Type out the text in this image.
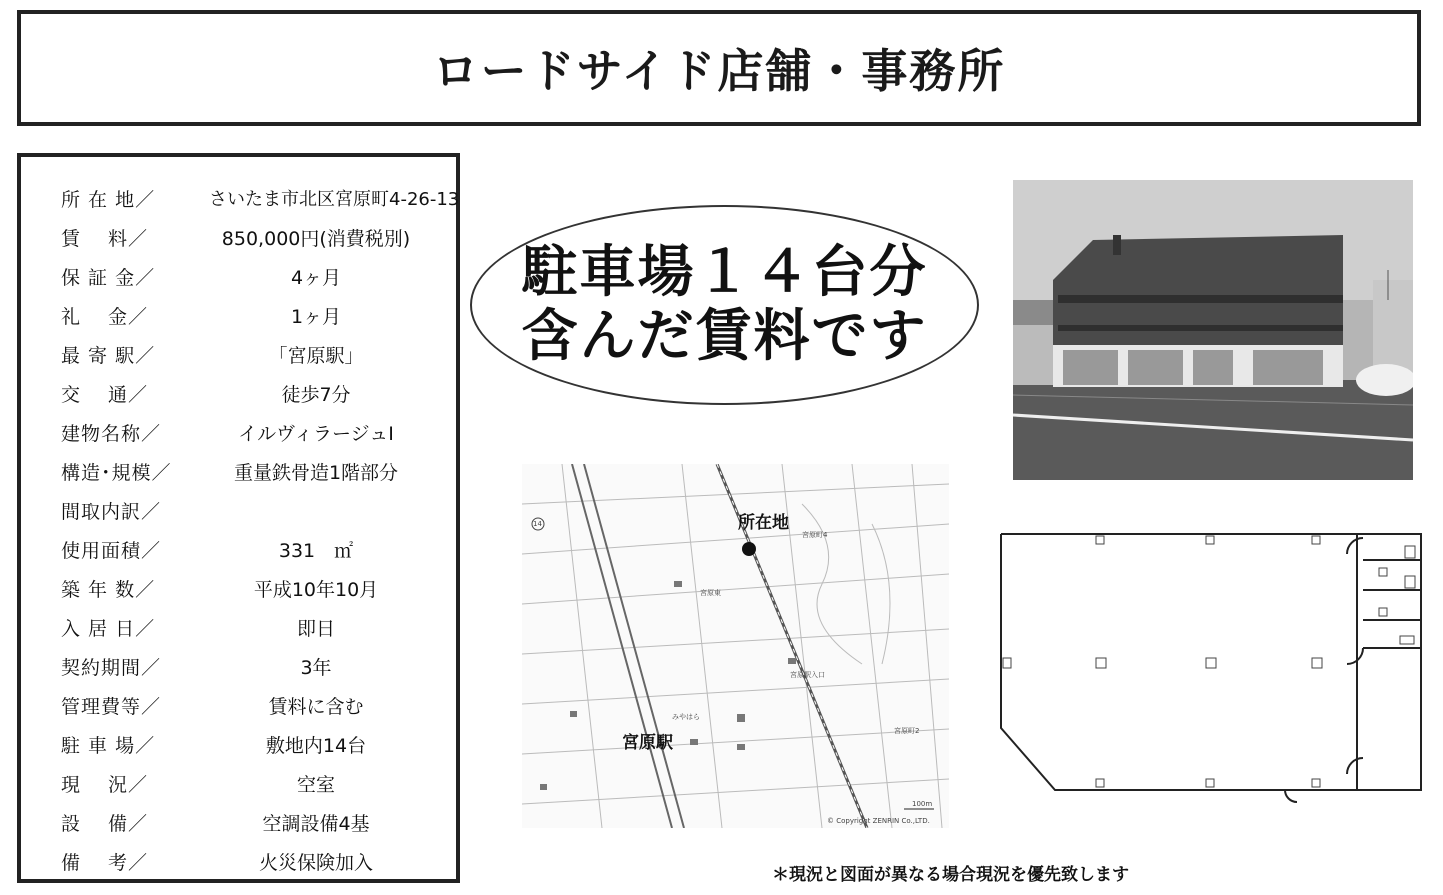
ロードサイド店舗・事務所
所 在 地／	さいたま市北区宮原町4-26-13
賃　 料／	850,000円(消費税別)
保 証 金／	4ヶ月
礼　 金／	1ヶ月
最 寄 駅／	「宮原駅」
交　 通／	徒歩7分
建物名称／	イルヴィラージュⅠ
構造･規模／	重量鉄骨造1階部分
間取内訳／
使用面積／	331　㎡
築 年 数／	平成10年10月
入 居 日／	即日
契約期間／	3年
管理費等／	賃料に含む
駐 車 場／	敷地内14台
現　 況／	空室
設　 備／	空調設備4基
備　 考／	火災保険加入
駐車場１４台分
含んだ賃料です
所在地
宮原駅
宮原町4
宮原東
宮原駅入口
宮原町2
みやはら
14
100m
© Copyright ZENRIN Co.,LTD.
＊現況と図面が異なる場合現況を優先致します
